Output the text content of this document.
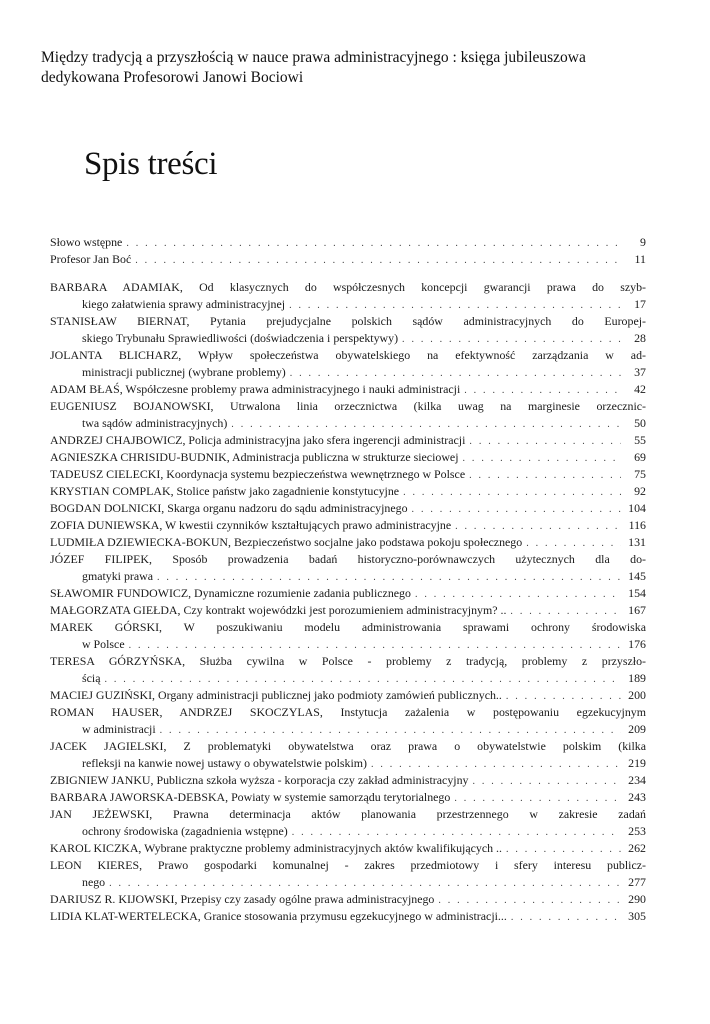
Między tradycją a przyszłością w nauce prawa administracyjnego : księga jubileuszowa dedykowana Profesorowi Janowi Bociowi
Spis treści
Słowo wstępne . . .	9
Profesor Jan Boć . . .	11
BARBARA ADAMIAK, Od klasycznych do współczesnych koncepcji gwarancji prawa do szyb-
kiego załatwienia sprawy administracyjnej . . .	17
STANISŁAW BIERNAT, Pytania prejudycjalne polskich sądów administracyjnych do Europej-
skiego Trybunału Sprawiedliwości (doświadczenia i perspektywy) . . .	28
JOLANTA BLICHARZ, Wpływ społeczeństwa obywatelskiego na efektywność zarządzania w ad-
ministracji publicznej (wybrane problemy) . . .	37
ADAM BŁAŚ, Współczesne problemy prawa administracyjnego i nauki administracji . . .	42
EUGENIUSZ BOJANOWSKI, Utrwalona linia orzecznictwa (kilka uwag na marginesie orzecznic-
twa sądów administracyjnych) . . .	50
ANDRZEJ CHAJBOWICZ, Policja administracyjna jako sfera ingerencji administracji . . .	55
AGNIESZKA CHRISIDU-BUDNIK, Administracja publiczna w strukturze sieciowej . . .	69
TADEUSZ CIELECKI, Koordynacja systemu bezpieczeństwa wewnętrznego w Polsce . . .	75
KRYSTIAN COMPLAK, Stolice państw jako zagadnienie konstytucyjne . . .	92
BOGDAN DOLNICKI, Skarga organu nadzoru do sądu administracyjnego . . .	104
ZOFIA DUNIEWSKA, W kwestii czynników kształtujących prawo administracyjne . . .	116
LUDMIŁA DZIEWIECKA-BOKUN, Bezpieczeństwo socjalne jako podstawa pokoju społecznego . . .	131
JÓZEF FILIPEK, Sposób prowadzenia badań historyczno-porównawczych użytecznych dla do-
gmatyki prawa . . .	145
SŁAWOMIR FUNDOWICZ, Dynamiczne rozumienie zadania publicznego . . .	154
MAŁGORZATA GIEŁDA, Czy kontrakt wojewódzki jest porozumieniem administracyjnym? .. . . .	167
MAREK GÓRSKI, W poszukiwaniu modelu administrowania sprawami ochrony środowiska
w Polsce . . .	176
TERESA GÓRZYŃSKA, Służba cywilna w Polsce - problemy z tradycją, problemy z przyszło-
ścią . . .	189
MACIEJ GUZIŃSKI, Organy administracji publicznej jako podmioty zamówień publicznych.. . . .	200
ROMAN HAUSER, ANDRZEJ SKOCZYLAS, Instytucja zażalenia w postępowaniu egzekucyjnym
w administracji . . .	209
JACEK JAGIELSKI, Z problematyki obywatelstwa oraz prawa o obywatelstwie polskim (kilka
refleksji na kanwie nowej ustawy o obywatelstwie polskim) . . .	219
ZBIGNIEW JANKU, Publiczna szkoła wyższa - korporacja czy zakład administracyjny . . .	234
BARBARA JAWORSKA-DEBSKA, Powiaty w systemie samorządu terytorialnego . . .	243
JAN JEŻEWSKI, Prawna determinacja aktów planowania przestrzennego w zakresie zadań
ochrony środowiska (zagadnienia wstępne) . . .	253
KAROL KICZKA, Wybrane praktyczne problemy administracyjnych aktów kwalifikujących .. . . .	262
LEON KIERES, Prawo gospodarki komunalnej - zakres przedmiotowy i sfery interesu publicz-
nego . . .	277
DARIUSZ R. KIJOWSKI, Przepisy czy zasady ogólne prawa administracyjnego . . .	290
LIDIA KLAT-WERTELECKA, Granice stosowania przymusu egzekucyjnego w administracji... . . .	305
